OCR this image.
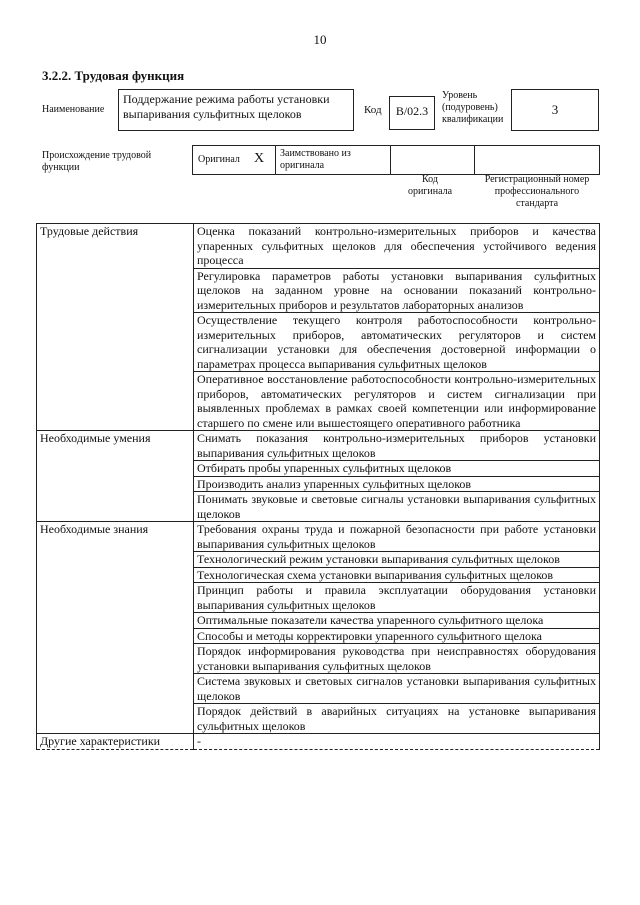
10
3.2.2. Трудовая функция
Наименование
Поддержание режима работы установки выпаривания сульфитных щелоков	Код	B/02.3
Уровень (подуровень) квалификации
3
Происхождение трудовой функции
Оригинал X Заимствовано из оригинала
Код оригинала
Регистрационный номер профессионального стандарта
Трудовые действия	Оценка показаний контрольно-измерительных приборов и качества упаренных сульфитных щелоков для обеспечения устойчивого ведения процесса
	Регулировка параметров работы установки выпаривания сульфитных щелоков на заданном уровне на основании показаний контрольно-измерительных приборов и результатов лабораторных анализов
	Осуществление текущего контроля работоспособности контрольно-измерительных приборов, автоматических регуляторов и систем сигнализации установки для обеспечения достоверной информации о параметрах процесса выпаривания сульфитных щелоков
	Оперативное восстановление работоспособности контрольно-измерительных приборов, автоматических регуляторов и систем сигнализации при выявленных проблемах в рамках своей компетенции или информирование старшего по смене или вышестоящего оперативного работника
Необходимые умения	Снимать показания контрольно-измерительных приборов установки выпаривания сульфитных щелоков
	Отбирать пробы упаренных сульфитных щелоков
	Производить анализ упаренных сульфитных щелоков
	Понимать звуковые и световые сигналы установки выпаривания сульфитных щелоков
Необходимые знания	Требования охраны труда и пожарной безопасности при работе установки выпаривания сульфитных щелоков
	Технологический режим установки выпаривания сульфитных щелоков
	Технологическая схема установки выпаривания сульфитных щелоков
	Принцип работы и правила эксплуатации оборудования установки выпаривания сульфитных щелоков
	Оптимальные показатели качества упаренного сульфитного щелока
	Способы и методы корректировки упаренного сульфитного щелока
	Порядок информирования руководства при неисправностях оборудования установки выпаривания сульфитных щелоков
	Система звуковых и световых сигналов установки выпаривания сульфитных щелоков
	Порядок действий в аварийных ситуациях на установке выпаривания сульфитных щелоков
Другие характеристики	-
